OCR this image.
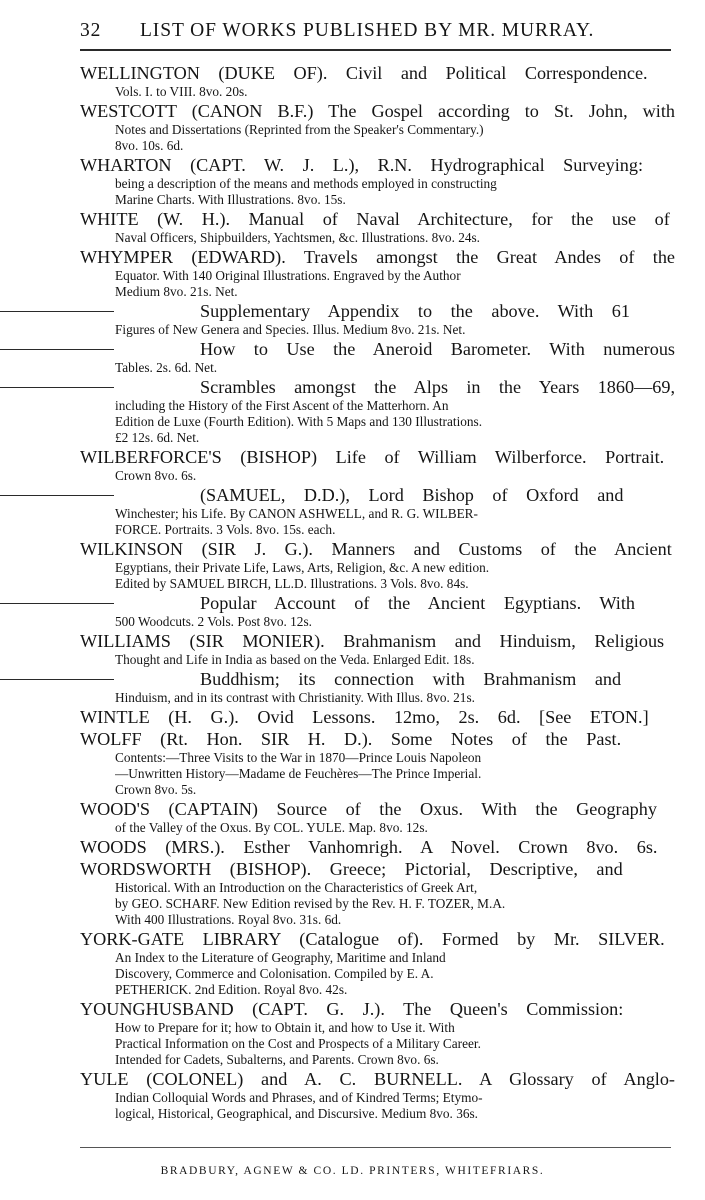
32 LIST OF WORKS PUBLISHED BY MR. MURRAY.
WELLINGTON (DUKE OF). Civil and Political Correspondence.
Vols. I. to VIII. 8vo. 20s.
WESTCOTT (CANON B.F.) The Gospel according to St. John, with
Notes and Dissertations (Reprinted from the Speaker's Commentary.)
8vo. 10s. 6d.
WHARTON (CAPT. W. J. L.), R.N. Hydrographical Surveying:
being a description of the means and methods employed in constructing
Marine Charts. With Illustrations. 8vo. 15s.
WHITE (W. H.). Manual of Naval Architecture, for the use of
Naval Officers, Shipbuilders, Yachtsmen, &c. Illustrations. 8vo. 24s.
WHYMPER (EDWARD). Travels amongst the Great Andes of the
Equator. With 140 Original Illustrations. Engraved by the Author
Medium 8vo. 21s. Net.
Supplementary Appendix to the above. With 61
Figures of New Genera and Species. Illus. Medium 8vo. 21s. Net.
How to Use the Aneroid Barometer. With numerous
Tables. 2s. 6d. Net.
Scrambles amongst the Alps in the Years 1860—69,
including the History of the First Ascent of the Matterhorn. An
Edition de Luxe (Fourth Edition). With 5 Maps and 130 Illustrations.
£2 12s. 6d. Net.
WILBERFORCE'S (BISHOP) Life of William Wilberforce. Portrait.
Crown 8vo. 6s.
(SAMUEL, D.D.), Lord Bishop of Oxford and
Winchester; his Life. By CANON ASHWELL, and R. G. WILBER-
FORCE. Portraits. 3 Vols. 8vo. 15s. each.
WILKINSON (SIR J. G.). Manners and Customs of the Ancient
Egyptians, their Private Life, Laws, Arts, Religion, &c. A new edition.
Edited by SAMUEL BIRCH, LL.D. Illustrations. 3 Vols. 8vo. 84s.
Popular Account of the Ancient Egyptians. With
500 Woodcuts. 2 Vols. Post 8vo. 12s.
WILLIAMS (SIR MONIER). Brahmanism and Hinduism, Religious
Thought and Life in India as based on the Veda. Enlarged Edit. 18s.
Buddhism; its connection with Brahmanism and
Hinduism, and in its contrast with Christianity. With Illus. 8vo. 21s.
WINTLE (H. G.). Ovid Lessons. 12mo, 2s. 6d. [See ETON.]
WOLFF (Rt. Hon. SIR H. D.). Some Notes of the Past.
Contents:—Three Visits to the War in 1870—Prince Louis Napoleon
—Unwritten History—Madame de Feuchères—The Prince Imperial.
Crown 8vo. 5s.
WOOD'S (CAPTAIN) Source of the Oxus. With the Geography
of the Valley of the Oxus. By COL. YULE. Map. 8vo. 12s.
WOODS (MRS.). Esther Vanhomrigh. A Novel. Crown 8vo. 6s.
WORDSWORTH (BISHOP). Greece; Pictorial, Descriptive, and
Historical. With an Introduction on the Characteristics of Greek Art,
by GEO. SCHARF. New Edition revised by the Rev. H. F. TOZER, M.A.
With 400 Illustrations. Royal 8vo. 31s. 6d.
YORK-GATE LIBRARY (Catalogue of). Formed by Mr. SILVER.
An Index to the Literature of Geography, Maritime and Inland
Discovery, Commerce and Colonisation. Compiled by E. A.
PETHERICK. 2nd Edition. Royal 8vo. 42s.
YOUNGHUSBAND (CAPT. G. J.). The Queen's Commission:
How to Prepare for it; how to Obtain it, and how to Use it. With
Practical Information on the Cost and Prospects of a Military Career.
Intended for Cadets, Subalterns, and Parents. Crown 8vo. 6s.
YULE (COLONEL) and A. C. BURNELL. A Glossary of Anglo-
Indian Colloquial Words and Phrases, and of Kindred Terms; Etymo-
logical, Historical, Geographical, and Discursive. Medium 8vo. 36s.
BRADBURY, AGNEW & CO. LD. PRINTERS, WHITEFRIARS.
